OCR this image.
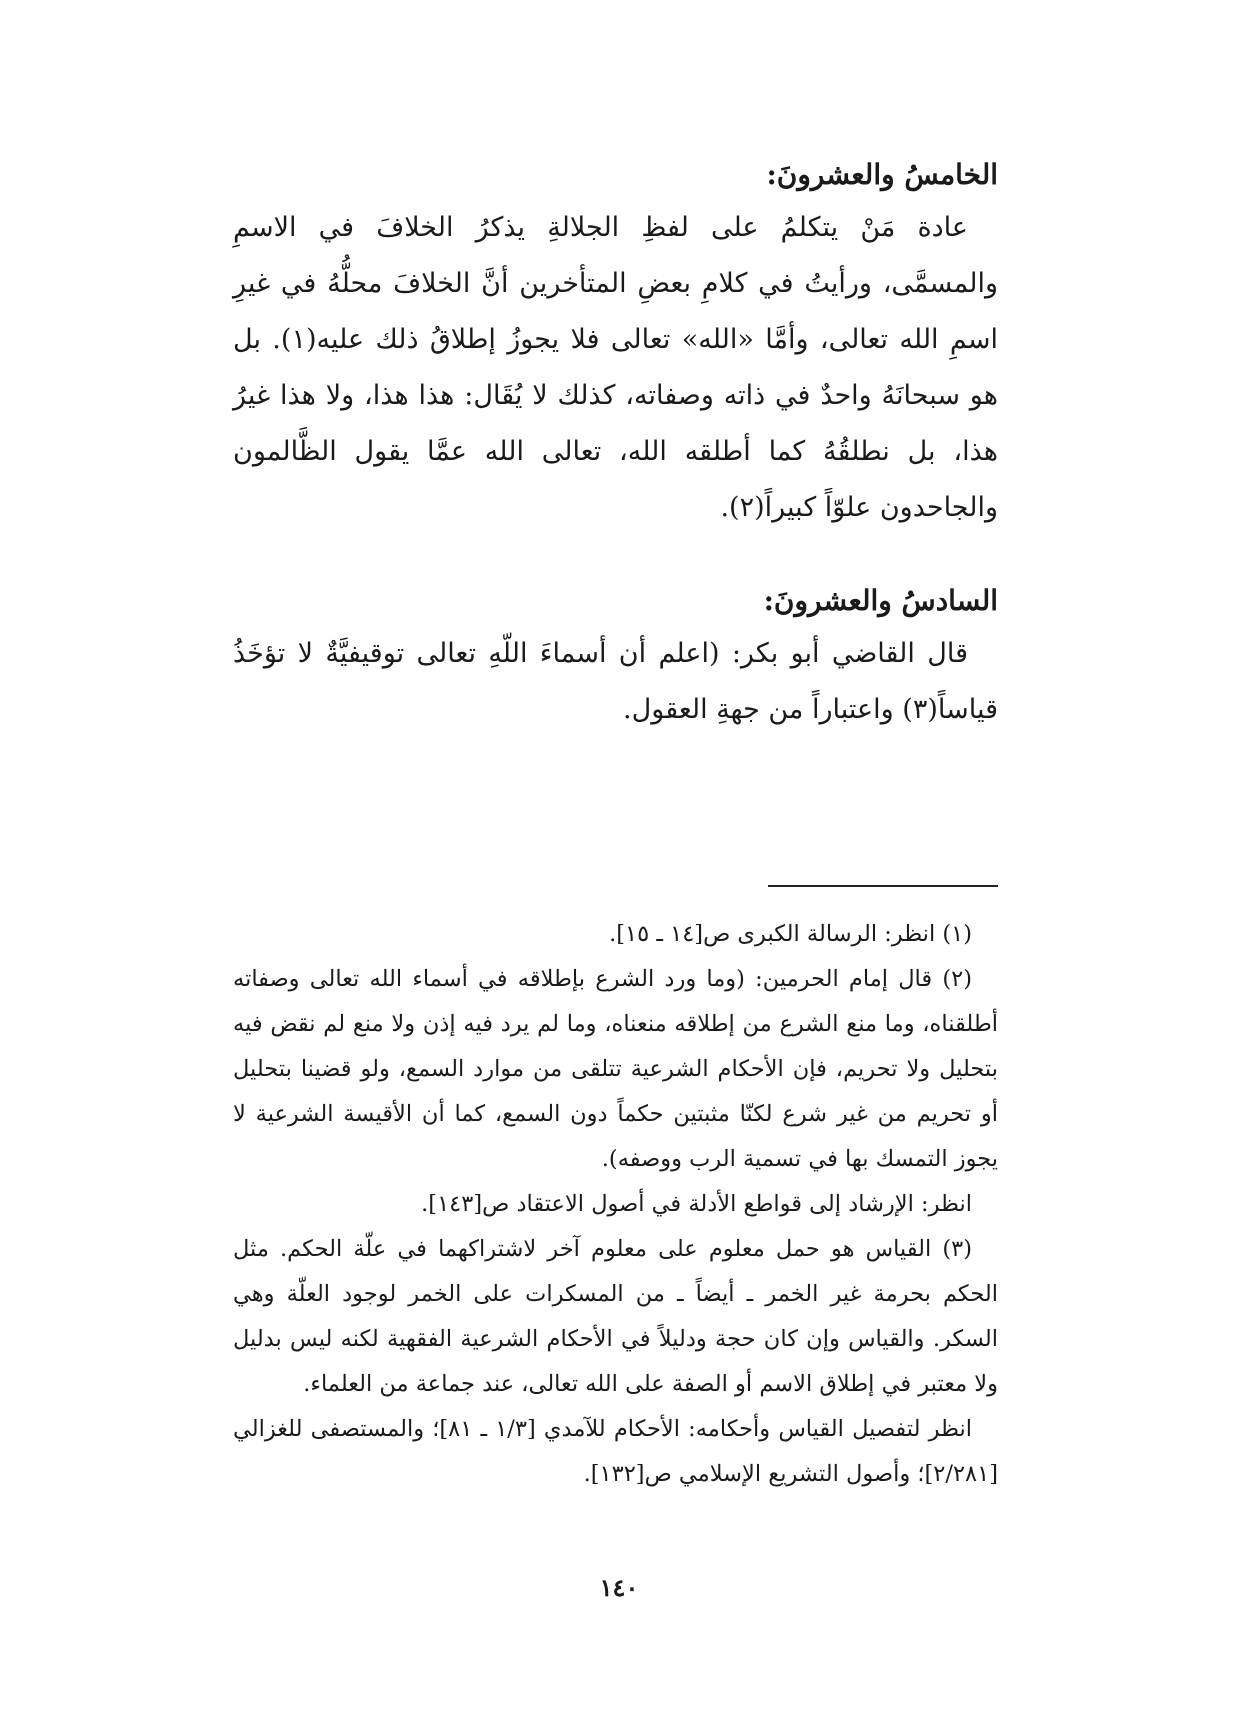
الخامسُ والعشرونَ:

عادة مَنْ يتكلمُ على لفظِ الجلالةِ يذكرُ الخلافَ في الاسمِ والمسمَّى، ورأيتُ في كلامِ بعضِ المتأخرين أنَّ الخلافَ محلُّهُ في غيرِ اسمِ الله تعالى، وأمَّا «الله» تعالى فلا يجوزُ إطلاقُ ذلك عليه(١). بل هو سبحانَهُ واحدٌ في ذاته وصفاته، كذلك لا يُقَال: هذا هذا، ولا هذا غيرُ هذا، بل نطلقُهُ كما أطلقه الله، تعالى الله عمَّا يقول الظَّالمون والجاحدون علوّاً كبيراً(٢).

السادسُ والعشرونَ:

قال القاضي أبو بكر: (اعلم أن أسماءَ اللّهِ تعالى توقيفيَّةٌ لا تؤخَذُ قياساً(٣) واعتباراً من جهةِ العقول.

(١) انظر: الرسالة الكبرى ص[١٤ ـ ١٥].

(٢) قال إمام الحرمين: (وما ورد الشرع بإطلاقه في أسماء الله تعالى وصفاته أطلقناه، وما منع الشرع من إطلاقه منعناه، وما لم يرد فيه إذن ولا منع لم نقض فيه بتحليل ولا تحريم، فإن الأحكام الشرعية تتلقى من موارد السمع، ولو قضينا بتحليل أو تحريم من غير شرع لكنّا مثبتين حكماً دون السمع، كما أن الأقيسة الشرعية لا يجوز التمسك بها في تسمية الرب ووصفه).

انظر: الإرشاد إلى قواطع الأدلة في أصول الاعتقاد ص[١٤٣].

(٣) القياس هو حمل معلوم على معلوم آخر لاشتراكهما في علّة الحكم. مثل الحكم بحرمة غير الخمر ـ أيضاً ـ من المسكرات على الخمر لوجود العلّة وهي السكر. والقياس وإن كان حجة ودليلاً في الأحكام الشرعية الفقهية لكنه ليس بدليل ولا معتبر في إطلاق الاسم أو الصفة على الله تعالى، عند جماعة من العلماء.

انظر لتفصيل القياس وأحكامه: الأحكام للآمدي [١/٣ ـ ٨١]؛ والمستصفى للغزالي [٢/٢٨١]؛ وأصول التشريع الإسلامي ص[١٣٢].

١٤٠
